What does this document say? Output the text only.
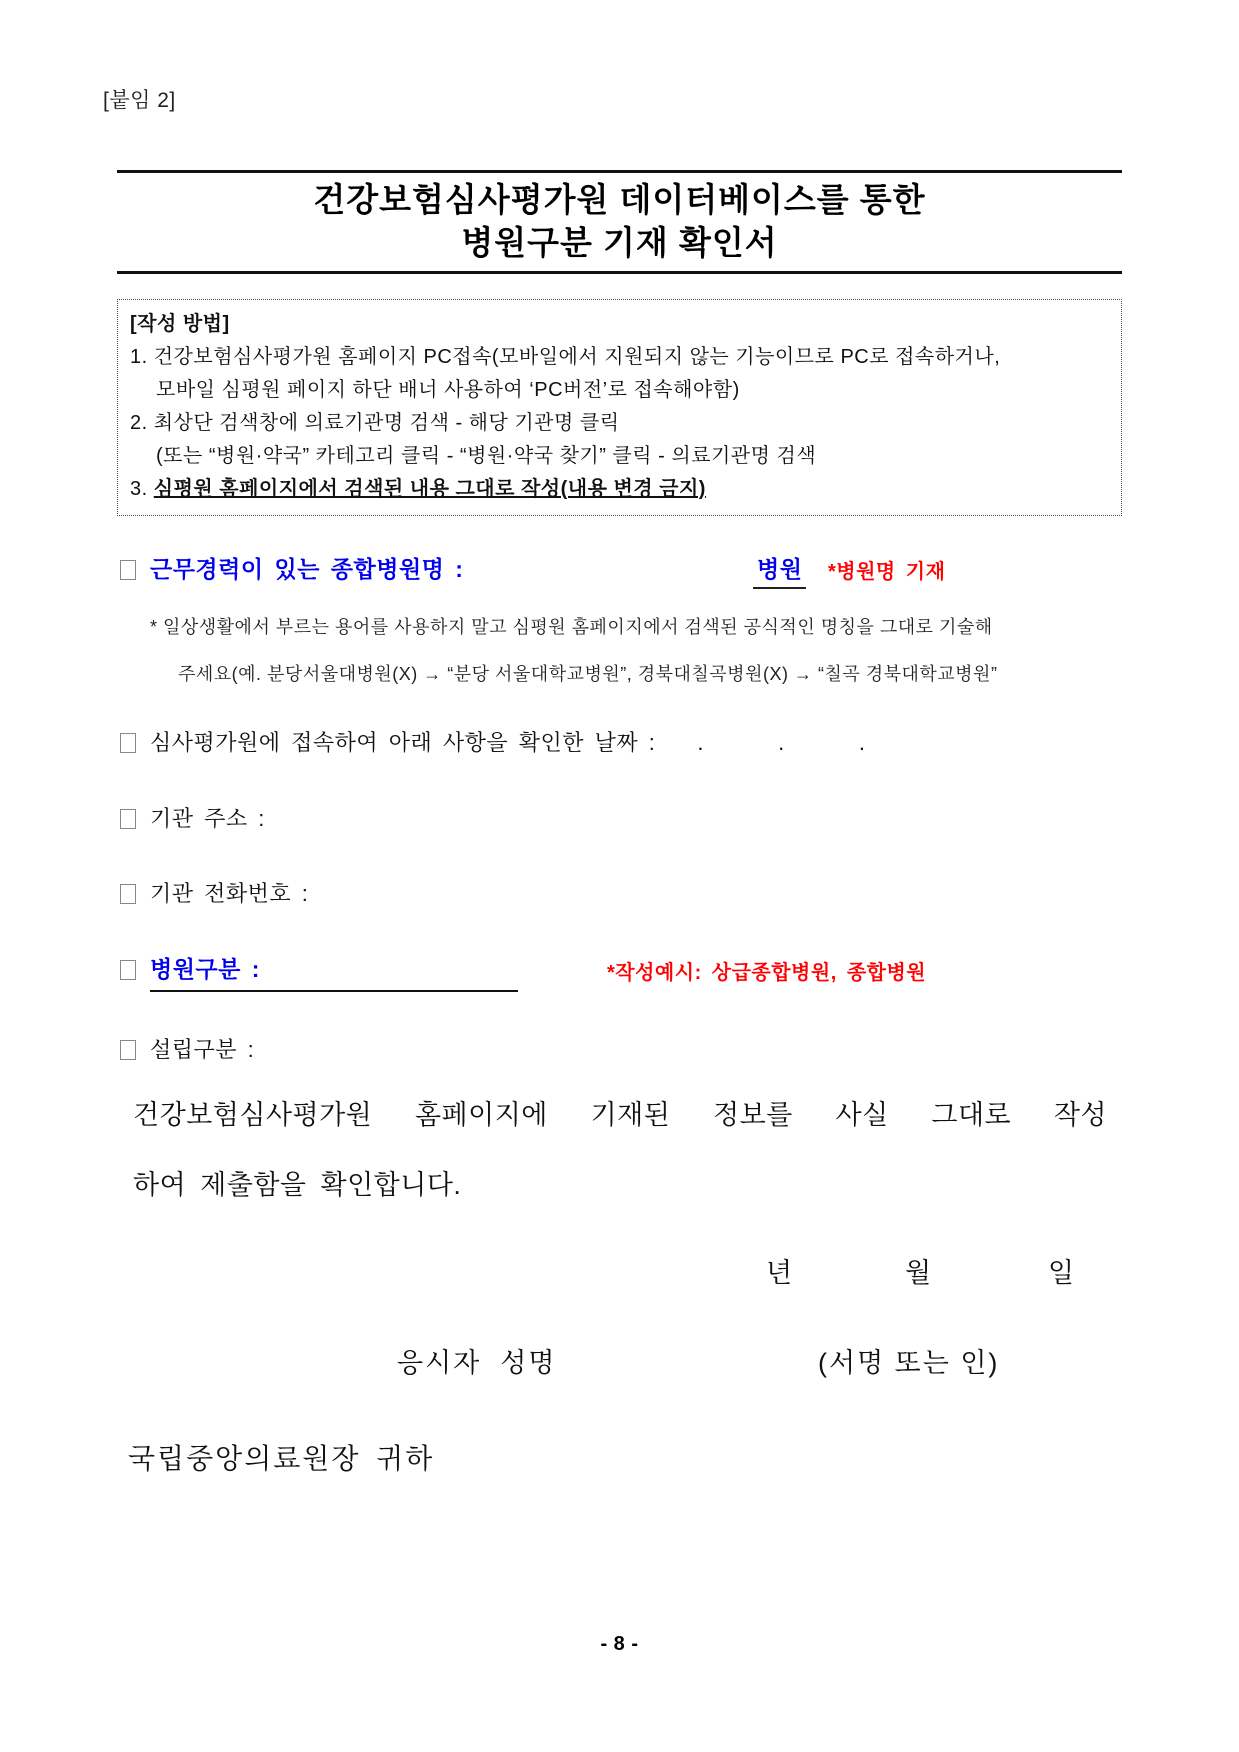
[붙임 2]
건강보험심사평가원 데이터베이스를 통한
병원구분 기재 확인서
[작성 방법]
1. 건강보험심사평가원 홈페이지 PC접속(모바일에서 지원되지 않는 기능이므로 PC로 접속하거나,
모바일 심평원 페이지 하단 배너 사용하여 ‘PC버전’로 접속해야함)
2. 최상단 검색창에 의료기관명 검색 - 해당 기관명 클릭
(또는 “병원·약국” 카테고리 클릭 - “병원·약국 찾기” 클릭 - 의료기관명 검색
3. 심평원 홈페이지에서 검색된 내용 그대로 작성(내용 변경 금지)
근무경력이 있는 종합병원명 :	병원 *병원명 기재
* 일상생활에서 부르는 용어를 사용하지 말고 심평원 홈페이지에서 검색된 공식적인 명칭을 그대로 기술해
주세요(예. 분당서울대병원(X) → “분당 서울대학교병원”, 경북대칠곡병원(X) → “칠곡 경북대학교병원”
심사평가원에 접속하여 아래 사항을 확인한 날짜 : .      .      .
기관 주소 :
기관 전화번호 :
병원구분 :	*작성예시: 상급종합병원, 종합병원
설립구분 :
건강보험심사평가원 홈페이지에 기재된 정보를 사실 그대로 작성
하여 제출함을 확인합니다.
년	월	일
응시자  성명	(서명 또는 인)
국립중앙의료원장 귀하
- 8 -
